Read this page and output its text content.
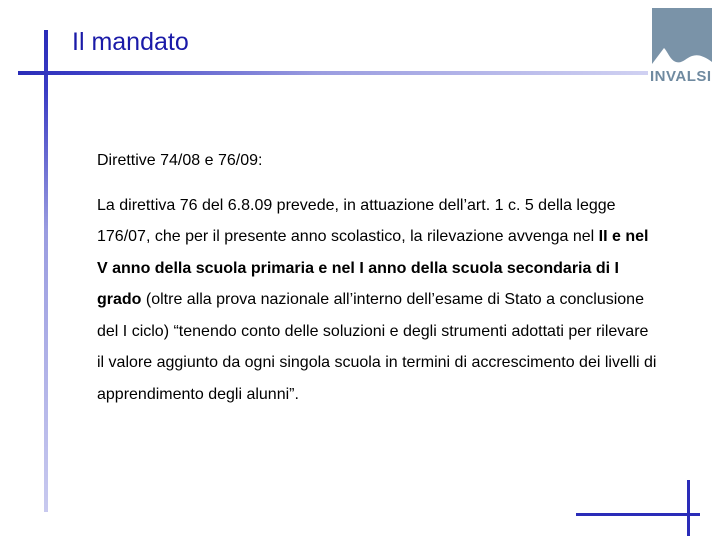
Il mandato
INVALSI

Direttive 74/08 e 76/09:

La direttiva 76 del 6.8.09 prevede, in attuazione dell’art. 1 c. 5 della legge 176/07, che per il presente anno scolastico, la rilevazione avvenga nel II e nel V anno della scuola primaria e nel I anno della scuola secondaria di I grado (oltre alla prova nazionale all’interno dell’esame di Stato a conclusione del I ciclo) “tenendo conto delle soluzioni e degli strumenti adottati per rilevare il valore aggiunto da ogni singola scuola in termini di accrescimento dei livelli di apprendimento degli alunni”.
